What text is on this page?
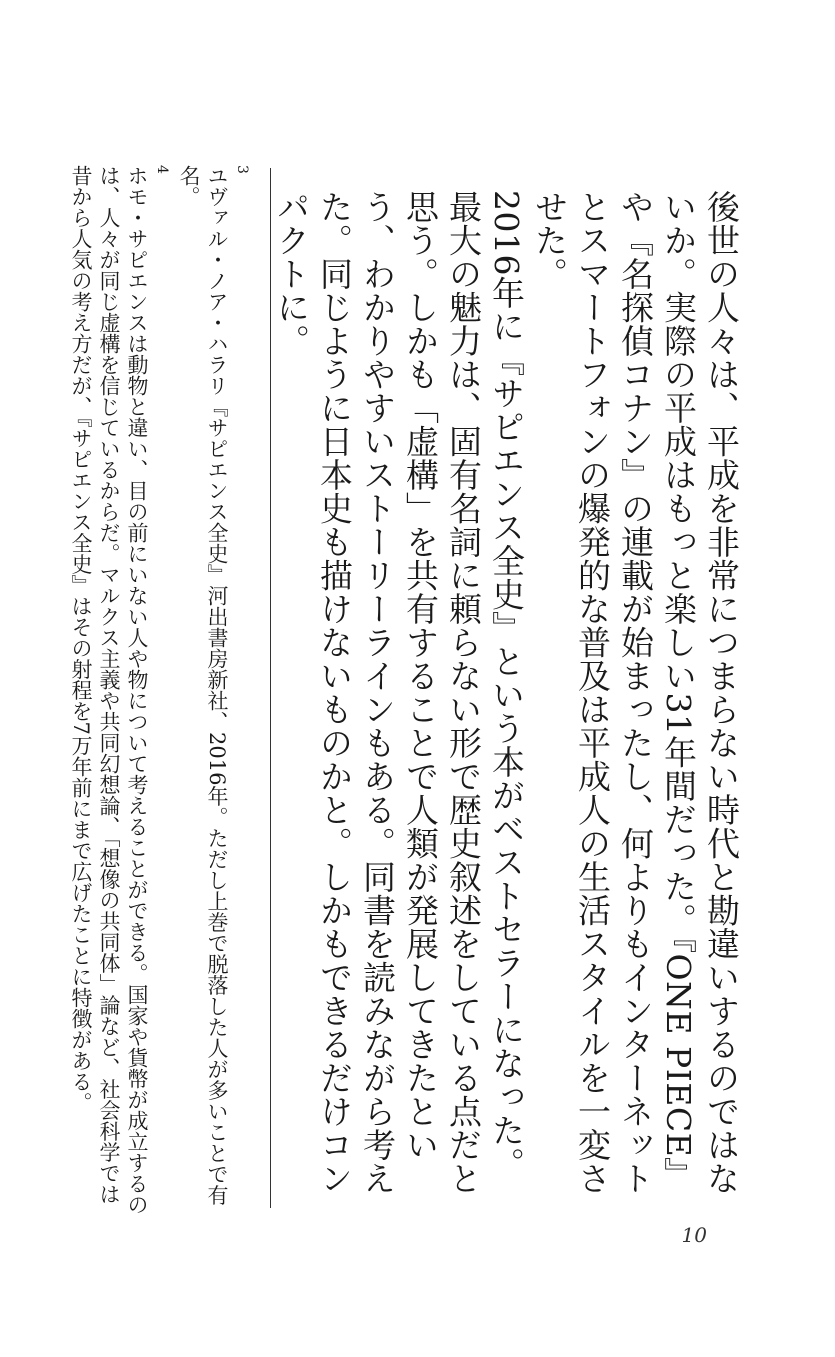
後世の人々は、平成を非常につまらない時代と勘違いするのではないか。実際の平成はもっと楽しい31年間だった。『ONE PIECE』や『名探偵コナン』の連載が始まったし、何よりもインターネットとスマートフォンの爆発的な普及は平成人の生活スタイルを一変させた。

2016年に『サピエンス全史』という本がベストセラーになった。最大の魅力は、固有名詞に頼らない形で歴史叙述をしている点だと思う。しかも「虚構」を共有することで人類が発展してきたという、わかりやすいストーリーラインもある。同書を読みながら考えた。同じように日本史も描けないものかと。しかもできるだけコンパクトに。

3
ユヴァル・ノア・ハラリ『サピエンス全史』河出書房新社、2016年。ただし上巻で脱落した人が多いことで有名。
4
ホモ・サピエンスは動物と違い、目の前にいない人や物について考えることができる。国家や貨幣が成立するのは、人々が同じ虚構を信じているからだ。マルクス主義や共同幻想論、「想像の共同体」論など、社会科学では昔から人気の考え方だが、『サピエンス全史』はその射程を7万年前にまで広げたことに特徴がある。
10
